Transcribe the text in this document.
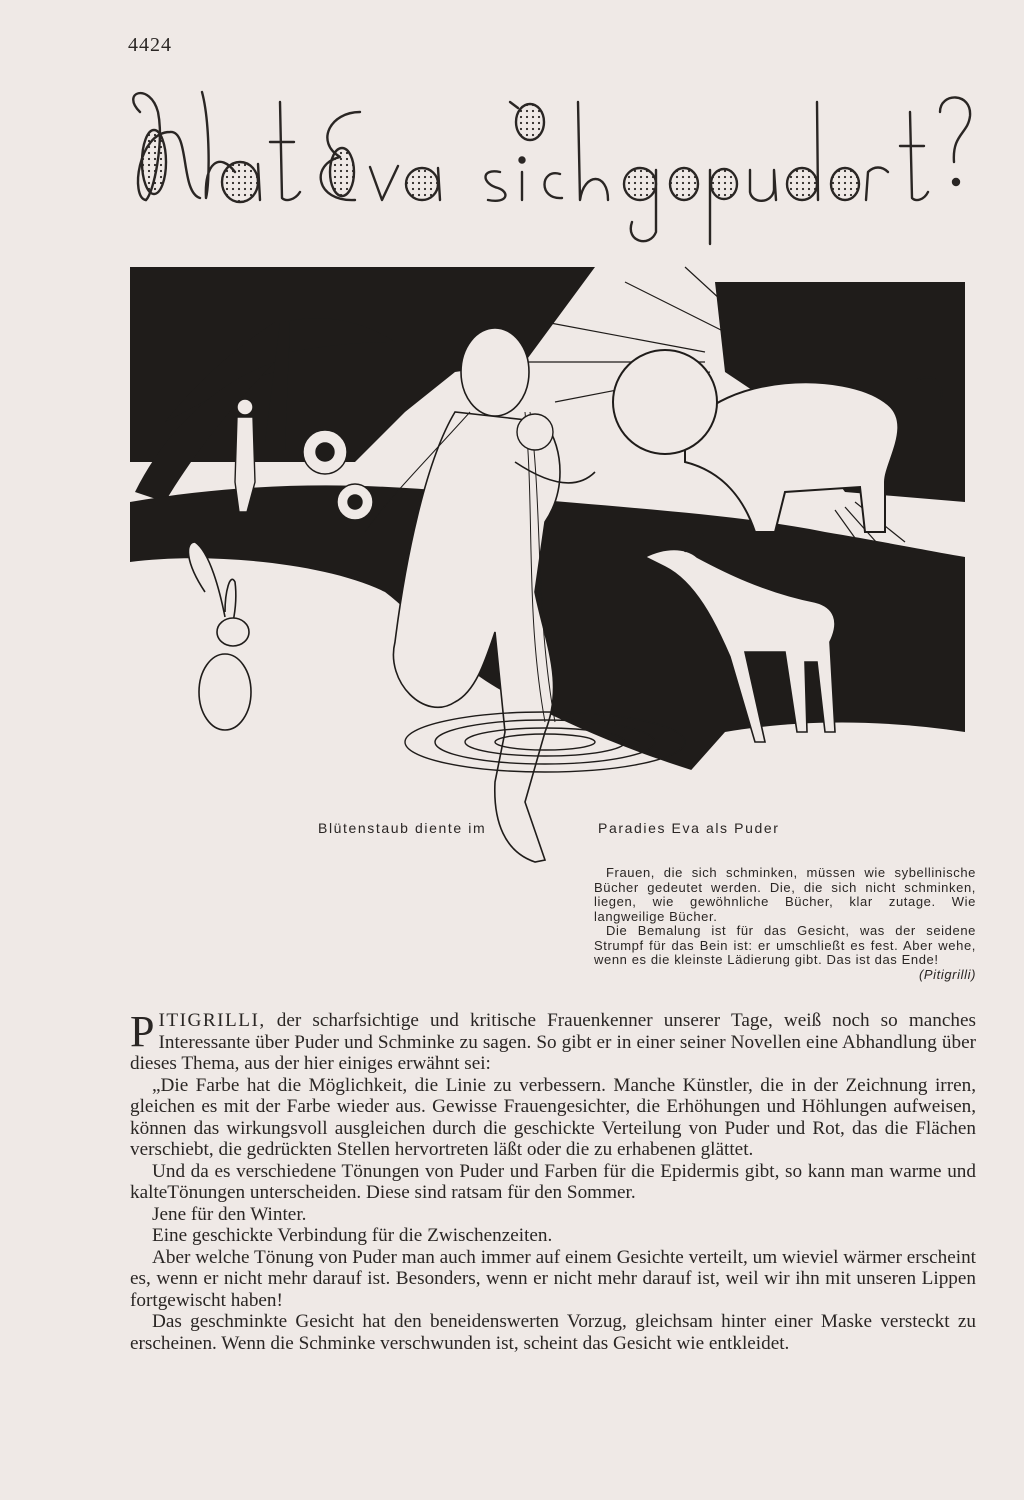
4424
Blütenstaub diente im	Paradies Eva als Puder

Frauen, die sich schminken, müssen wie sybellinische Bücher gedeutet werden. Die, die sich nicht schminken, liegen, wie gewöhnliche Bücher, klar zutage. Wie langweilige Bücher.

Die Bemalung ist für das Gesicht, was der seidene Strumpf für das Bein ist: er umschließt es fest. Aber wehe, wenn es die kleinste Lädierung gibt. Das ist das Ende!
(Pitigrilli)

PITIGRILLI, der scharfsichtige und kritische Frauenkenner unserer Tage, weiß noch so manches Interessante über Puder und Schminke zu sagen. So gibt er in einer seiner Novellen eine Abhandlung über dieses Thema, aus der hier einiges erwähnt sei:

„Die Farbe hat die Möglichkeit, die Linie zu verbessern. Manche Künstler, die in der Zeichnung irren, gleichen es mit der Farbe wieder aus. Gewisse Frauengesichter, die Erhöhungen und Höhlungen aufweisen, können das wirkungsvoll ausgleichen durch die geschickte Verteilung von Puder und Rot, das die Flächen verschiebt, die gedrückten Stellen hervortreten läßt oder die zu erhabenen glättet.

Und da es verschiedene Tönungen von Puder und Farben für die Epidermis gibt, so kann man warme und kalteTönungen unterscheiden. Diese sind ratsam für den Sommer.

Jene für den Winter.

Eine geschickte Verbindung für die Zwischenzeiten.

Aber welche Tönung von Puder man auch immer auf einem Gesichte verteilt, um wieviel wärmer erscheint es, wenn er nicht mehr darauf ist. Besonders, wenn er nicht mehr darauf ist, weil wir ihn mit unseren Lippen fortgewischt haben!

Das geschminkte Gesicht hat den beneidenswerten Vorzug, gleichsam hinter einer Maske versteckt zu erscheinen. Wenn die Schminke verschwunden ist, scheint das Gesicht wie entkleidet.
